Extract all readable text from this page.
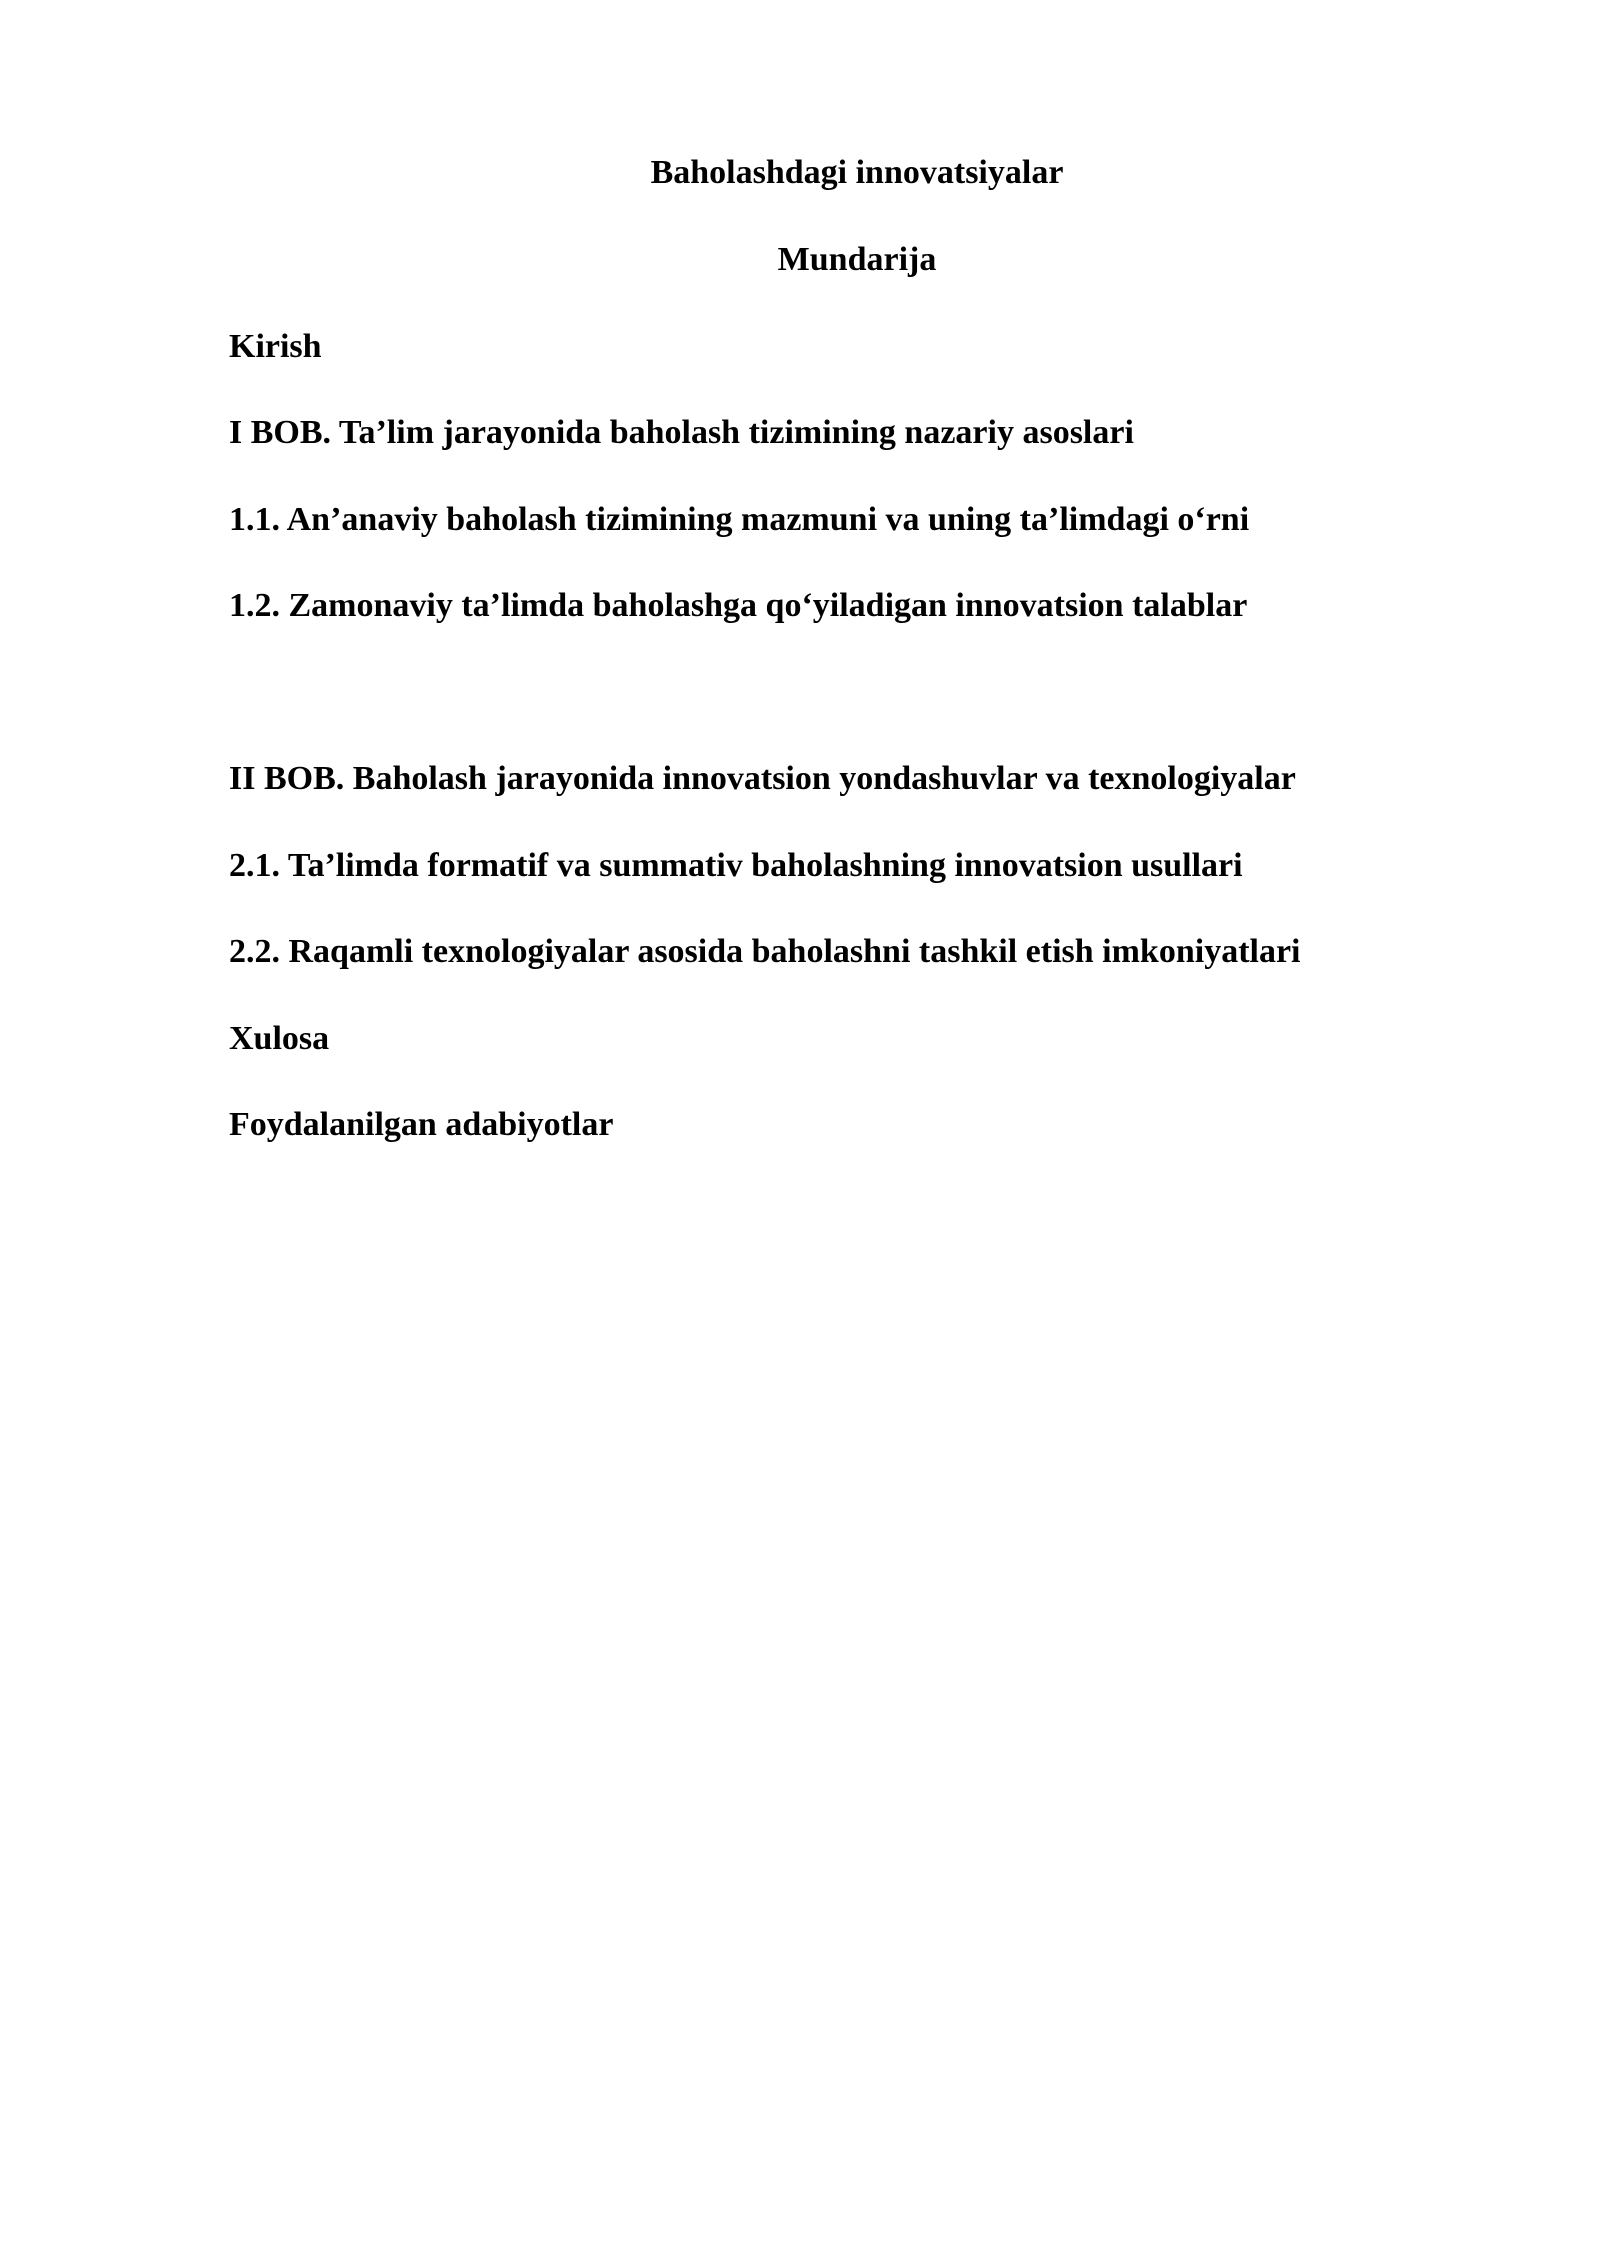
Baholashdagi innovatsiyalar
Mundarija
Kirish
I BOB. Ta’lim jarayonida baholash tizimining nazariy asoslari
1.1. An’anaviy baholash tizimining mazmuni va uning ta’limdagi o‘rni
1.2. Zamonaviy ta’limda baholashga qo‘yiladigan innovatsion talablar
II BOB. Baholash jarayonida innovatsion yondashuvlar va texnologiyalar
2.1. Ta’limda formatif va summativ baholashning innovatsion usullari
2.2. Raqamli texnologiyalar asosida baholashni tashkil etish imkoniyatlari
Xulosa
Foydalanilgan adabiyotlar
